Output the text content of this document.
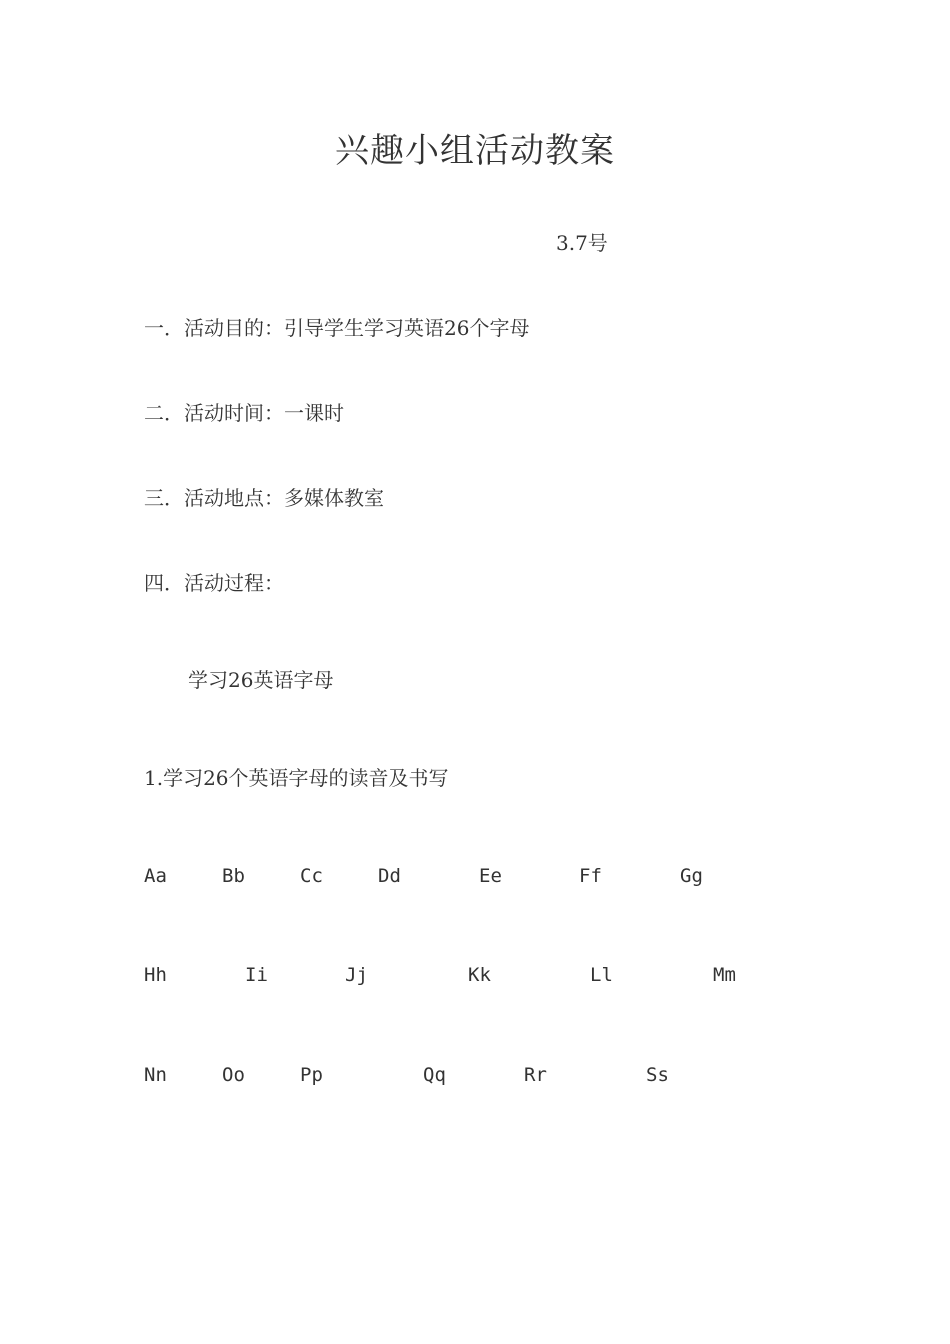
兴趣小组活动教案
3.7号
一．活动目的：引导学生学习英语26个字母
二．活动时间：一课时
三．活动地点：多媒体教室
四．活动过程：
学习26英语字母
1.学习26个英语字母的读音及书写
Aa	Bb	Cc	Dd	Ee	Ff	Gg
Hh	Ii	Jj	Kk	Ll	Mm
Nn	Oo	Pp	Qq	Rr	Ss
